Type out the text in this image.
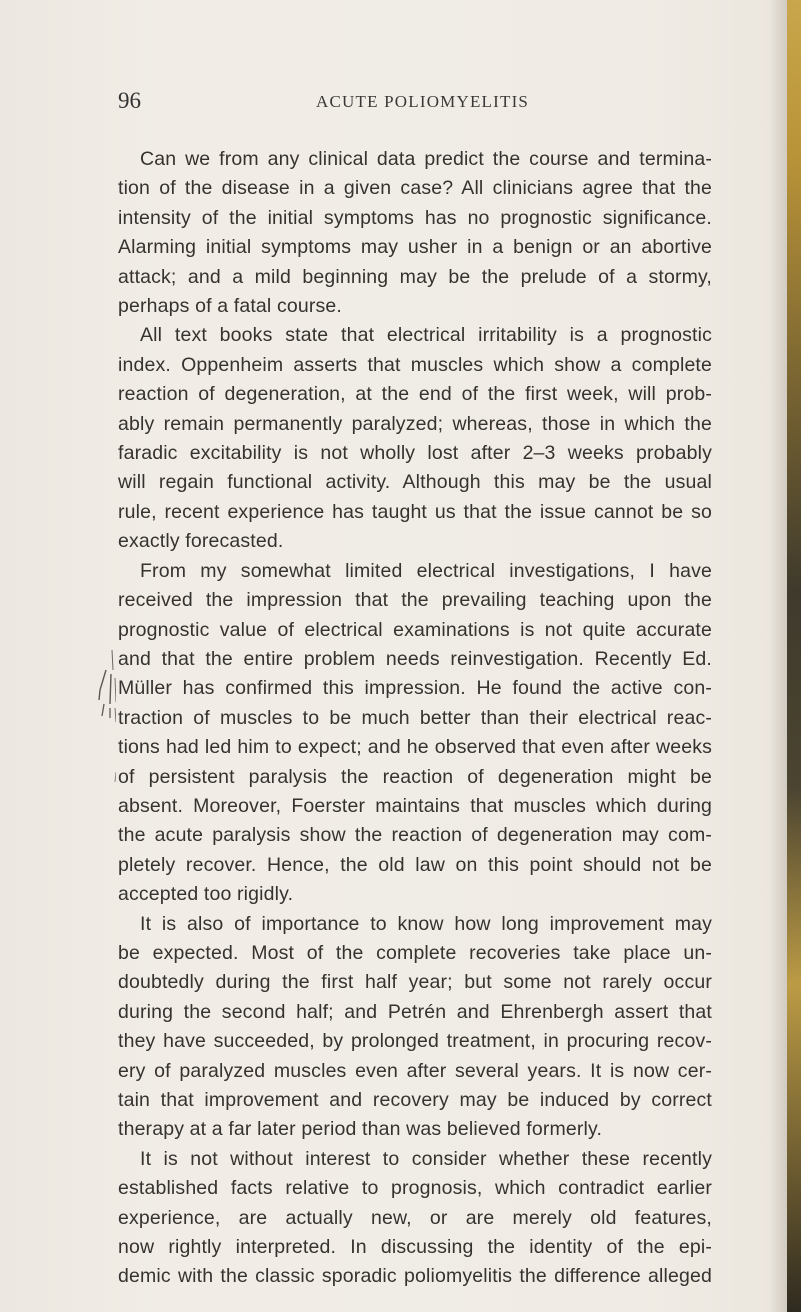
96	ACUTE POLIOMYELITIS
Can we from any clinical data predict the course and termina-
tion of the disease in a given case? All clinicians agree that the
intensity of the initial symptoms has no prognostic significance.
Alarming initial symptoms may usher in a benign or an abortive
attack; and a mild beginning may be the prelude of a stormy,
perhaps of a fatal course.
All text books state that electrical irritability is a prognostic
index. Oppenheim asserts that muscles which show a complete
reaction of degeneration, at the end of the first week, will prob-
ably remain permanently paralyzed; whereas, those in which the
faradic excitability is not wholly lost after 2–3 weeks probably
will regain functional activity. Although this may be the usual
rule, recent experience has taught us that the issue cannot be so
exactly forecasted.
From my somewhat limited electrical investigations, I have
received the impression that the prevailing teaching upon the
prognostic value of electrical examinations is not quite accurate
and that the entire problem needs reinvestigation. Recently Ed.
Müller has confirmed this impression. He found the active con-
traction of muscles to be much better than their electrical reac-
tions had led him to expect; and he observed that even after weeks
of persistent paralysis the reaction of degeneration might be
absent. Moreover, Foerster maintains that muscles which during
the acute paralysis show the reaction of degeneration may com-
pletely recover. Hence, the old law on this point should not be
accepted too rigidly.
It is also of importance to know how long improvement may
be expected. Most of the complete recoveries take place un-
doubtedly during the first half year; but some not rarely occur
during the second half; and Petrén and Ehrenbergh assert that
they have succeeded, by prolonged treatment, in procuring recov-
ery of paralyzed muscles even after several years. It is now cer-
tain that improvement and recovery may be induced by correct
therapy at a far later period than was believed formerly.
It is not without interest to consider whether these recently
established facts relative to prognosis, which contradict earlier
experience, are actually new, or are merely old features,
now rightly interpreted. In discussing the identity of the epi-
demic with the classic sporadic poliomyelitis the difference alleged
